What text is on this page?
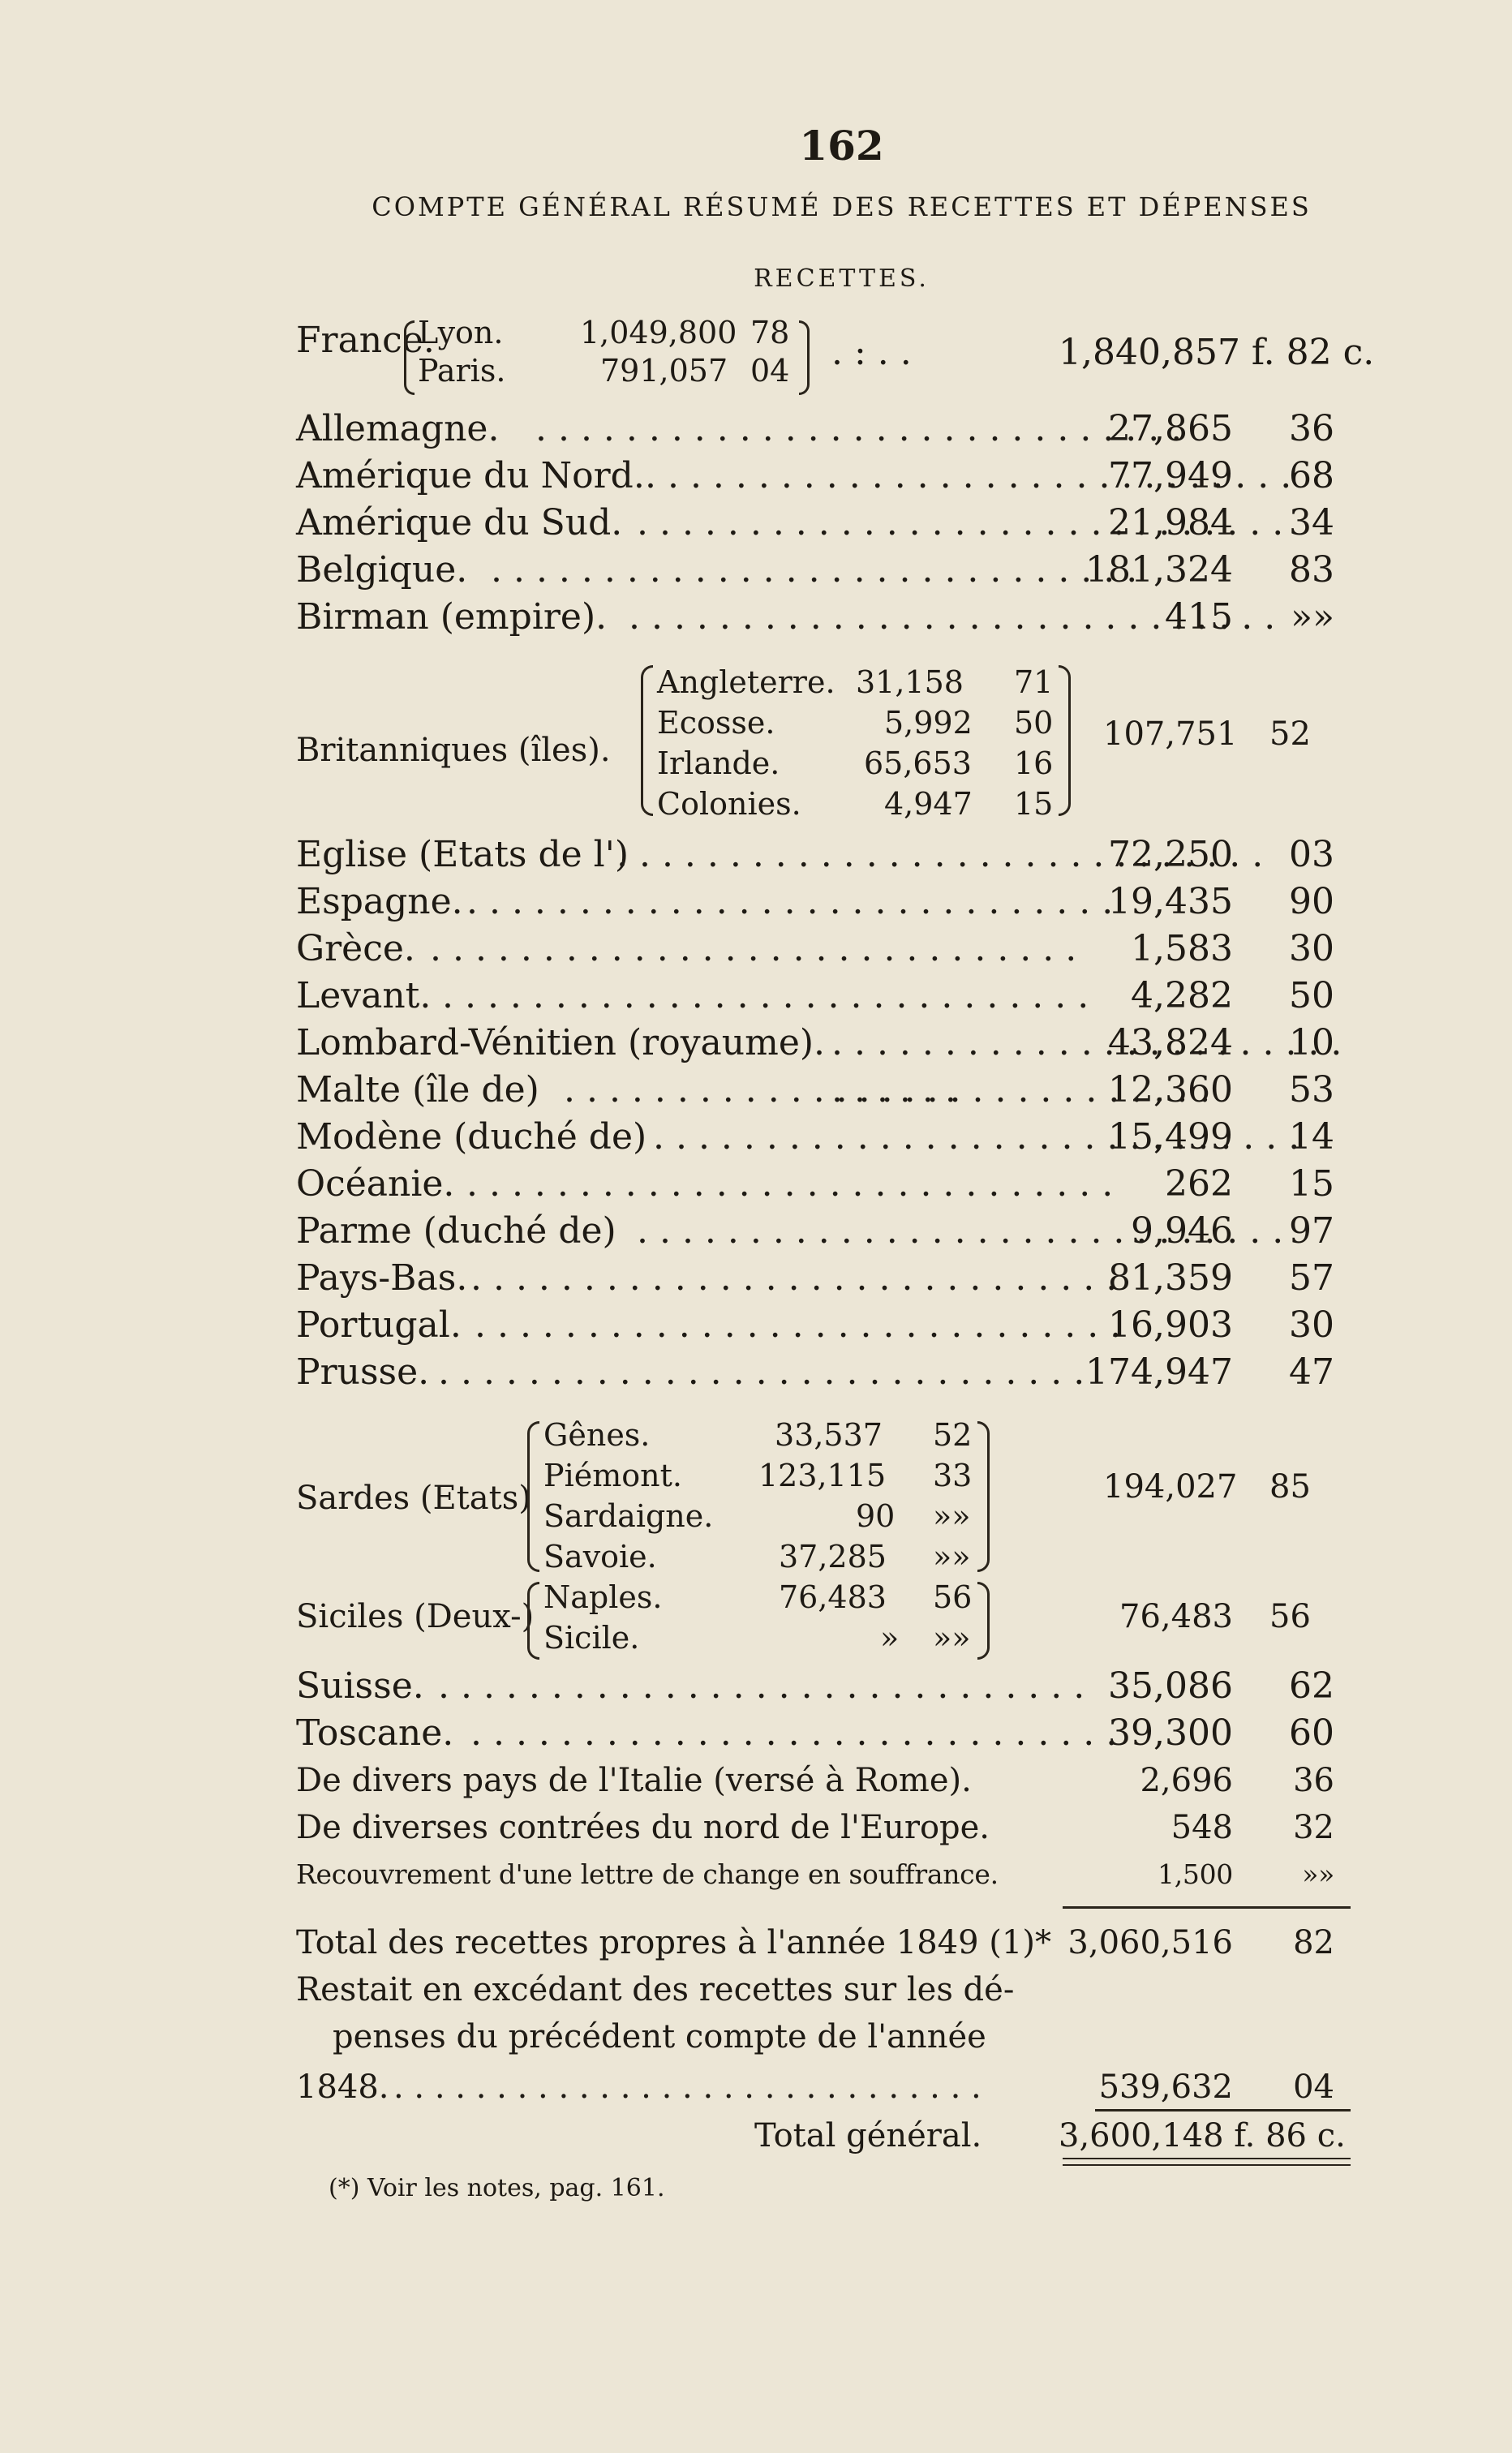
162
COMPTE GÉNÉRAL RÉSUMÉ DES RECETTES ET DÉPENSES
RECETTES.
France.
Lyon. 1,049,800 78
Paris.	791,057 04 . : . .	1,840,857 f. 82 c.
Allemagne. . . .	27,865	36
Amérique du Nord. . . .	77,949	68
Amérique du Sud. . . .	21,984	34
Belgique. . . .	181,324	83
Birman (empire). . . .	415	»»
Britanniques (îles).
Angleterre. 31,158 71
Ecosse.	5,992 50
Irlande.	65,653 16
Colonies.	4,947 15
107,751 52
Eglise (Etats de l') . . .	72,250	03
Espagne. . . .	19,435	90
Grèce. . . .	1,583	30
Levant. . . .	4,282	50
Lombard-Vénitien (royaume). . . .	43,824	10
Malte (île de) . . .	12,360	53
Modène (duché de) . . .	15,499	14
Océanie. . . .	262	15
Parme (duché de) . . .	9,946	97
Pays-Bas. . . .	81,359	57
Portugal. . . .	16,903	30
Prusse. . . .	174,947	47
Sardes (Etats)
Gênes.	33,537 52
Piémont. 123,115 33
Sardaigne.	90 »»
Savoie.	37,285 »»
194,027 85
Siciles (Deux-)
Naples.	76,483 56
Sicile.	» »»
76,483 56
Suisse. . . .	35,086	62
Toscane. . . .	39,300	60
De divers pays de l'Italie (versé à Rome).	2,696	36
De diverses contrées du nord de l'Europe.	548	32
Recouvrement d'une lettre de change en souffrance.	1,500	»»
Total des recettes propres à l'année 1849 (1)* 3,060,516	82
Restait en excédant des recettes sur les dé-
penses du précédent compte de l'année
1848. . . .	539,632	04
Total général. 3,600,148 f. 86 c.
(*) Voir les notes, pag. 161.
